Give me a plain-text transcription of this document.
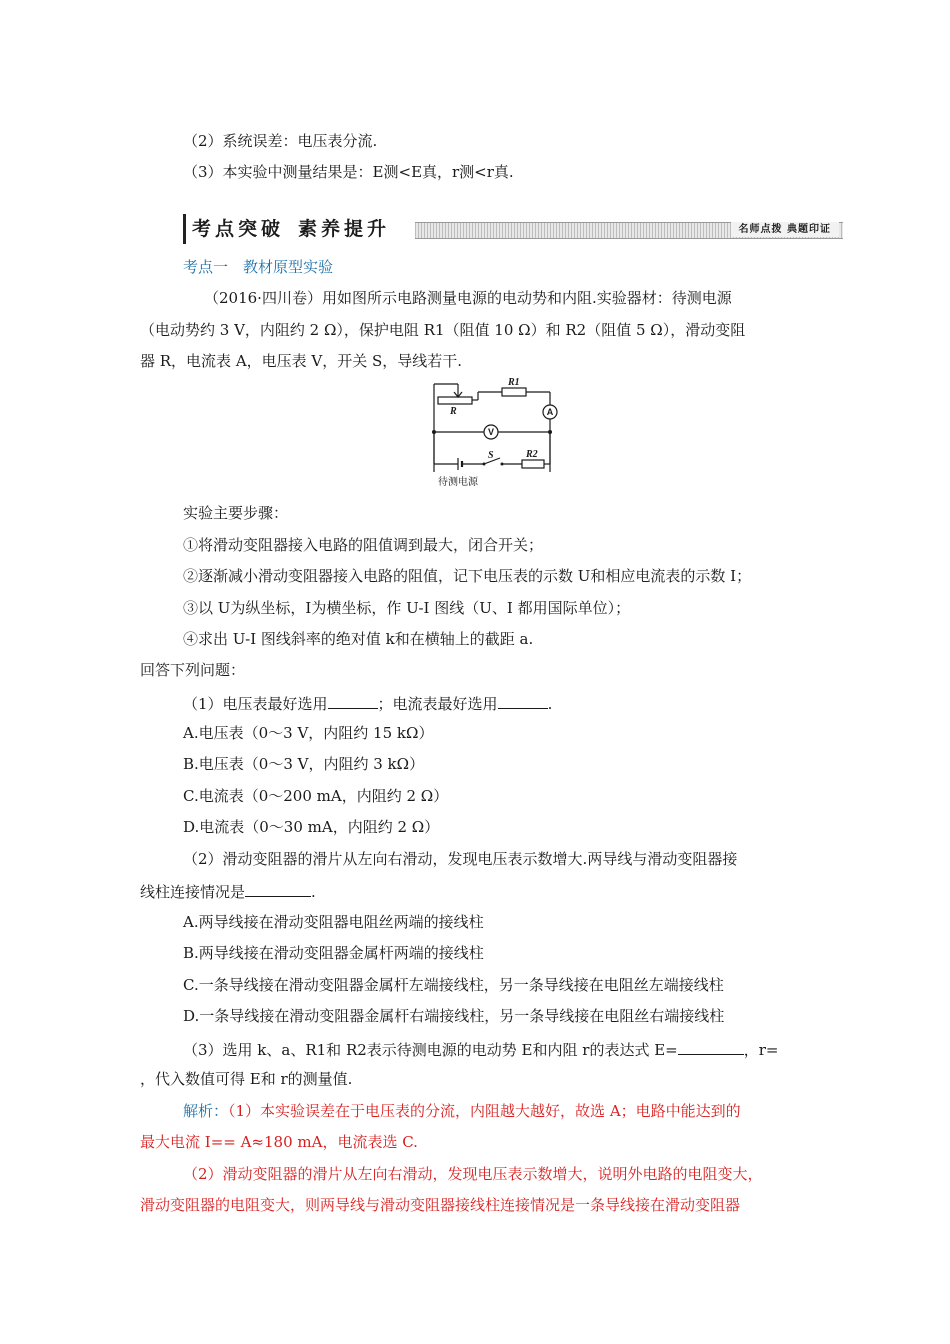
（2）系统误差：电压表分流.
（3）本实验中测量结果是：E测<E真，r测<r真.
考点突破 素养提升	名师点拨 典题印证
考点一　教材原型实验
（2016·四川卷）用如图所示电路测量电源的电动势和内阻.实验器材：待测电源
（电动势约 3 V，内阻约 2 Ω），保护电阻 R1（阻值 10 Ω）和 R2（阻值 5 Ω），滑动变阻
器 R，电流表 A，电压表 V，开关 S，导线若干.
R1
R
S	R2
A
V
待测电源
实验主要步骤：
①将滑动变阻器接入电路的阻值调到最大，闭合开关；
②逐渐减小滑动变阻器接入电路的阻值，记下电压表的示数 U和相应电流表的示数 I；
③以 U为纵坐标，I为横坐标，作 U-I 图线（U、I 都用国际单位）；
④求出 U-I 图线斜率的绝对值 k和在横轴上的截距 a.
回答下列问题：
（1）电压表最好选用	；电流表最好选用	.
A.电压表（0～3 V，内阻约 15 kΩ）
B.电压表（0～3 V，内阻约 3 kΩ）
C.电流表（0～200 mA，内阻约 2 Ω）
D.电流表（0～30 mA，内阻约 2 Ω）
（2）滑动变阻器的滑片从左向右滑动，发现电压表示数增大.两导线与滑动变阻器接
线柱连接情况是	.
A.两导线接在滑动变阻器电阻丝两端的接线柱
B.两导线接在滑动变阻器金属杆两端的接线柱
C.一条导线接在滑动变阻器金属杆左端接线柱，另一条导线接在电阻丝左端接线柱
D.一条导线接在滑动变阻器金属杆右端接线柱，另一条导线接在电阻丝右端接线柱
（3）选用 k、a、R1和 R2表示待测电源的电动势 E和内阻 r的表达式 E=	，r=
，代入数值可得 E和 r的测量值.
解析：（1）本实验误差在于电压表的分流，内阻越大越好，故选 A；电路中能达到的
最大电流 I== A≈180 mA，电流表选 C.
（2）滑动变阻器的滑片从左向右滑动，发现电压表示数增大，说明外电路的电阻变大，
滑动变阻器的电阻变大，则两导线与滑动变阻器接线柱连接情况是一条导线接在滑动变阻器
